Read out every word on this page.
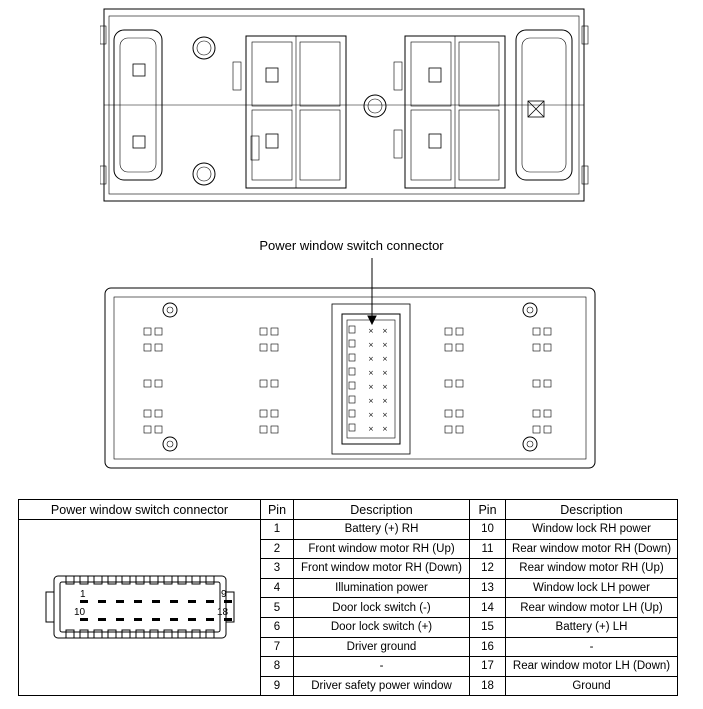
Power window switch connector
× ×
× ×
× ×
× ×
× ×
× ×
× ×
× ×
Power window switch connector	Pin	Description	Pin	Description

1 9
10 18	1	Battery (+) RH	10	Window lock RH power
	2	Front window motor RH (Up)	11	Rear window motor RH (Down)
	3	Front window motor RH (Down)	12	Rear window motor RH (Up)
	4	Illumination power	13	Window lock LH power
	5	Door lock switch (-)	14	Rear window motor LH (Up)
	6	Door lock switch (+)	15	Battery (+) LH
	7	Driver ground	16	-
	8	-	17	Rear window motor LH (Down)
	9	Driver safety power window	18	Ground
